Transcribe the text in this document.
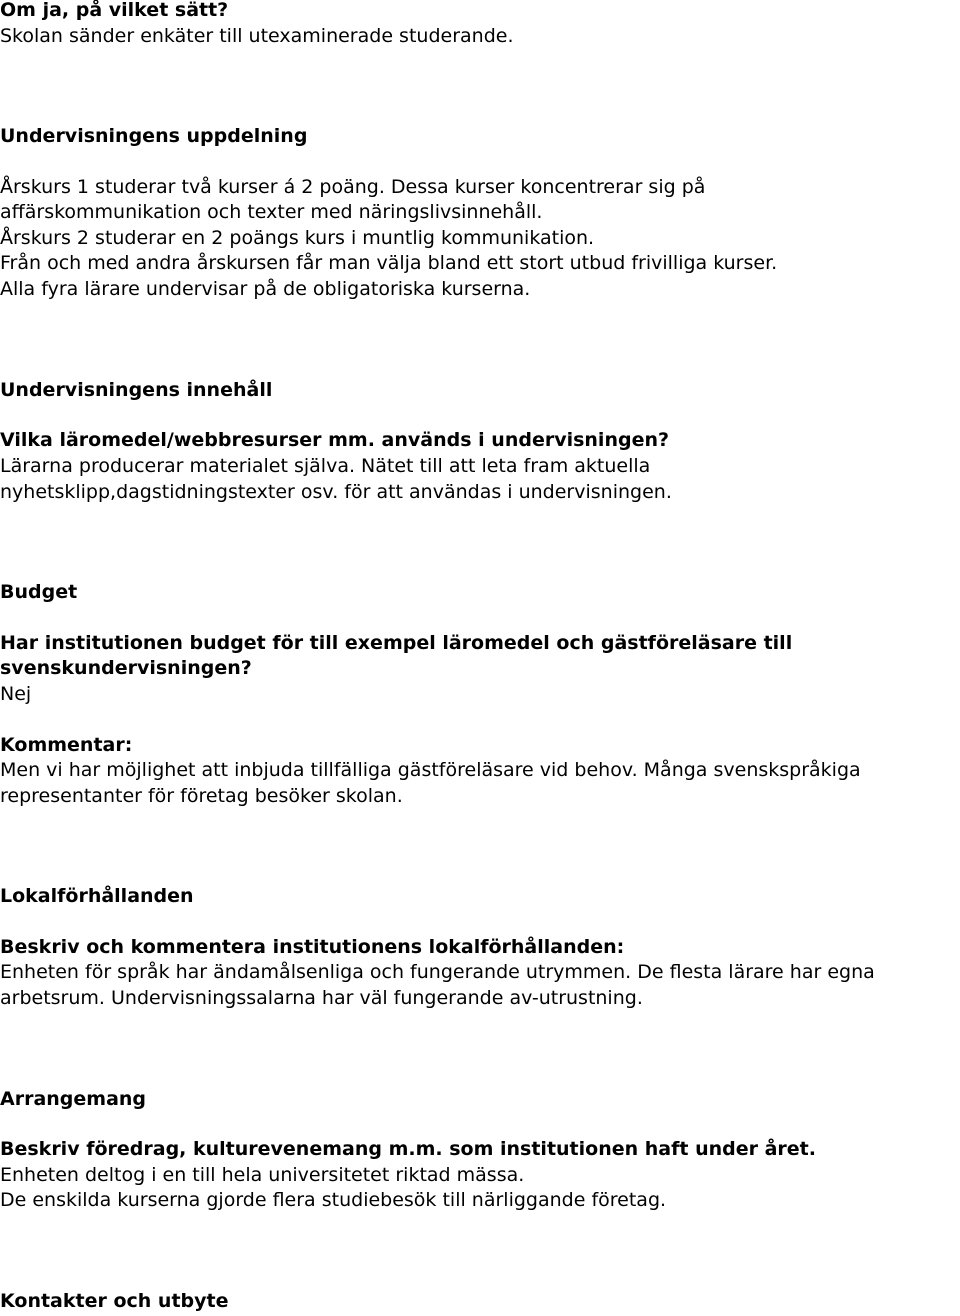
Om ja, på vilket sätt?
Skolan sänder enkäter till utexaminerade studerande.
Undervisningens uppdelning
Årskurs 1 studerar två kurser á 2 poäng. Dessa kurser koncentrerar sig på
affärskommunikation och texter med näringslivsinnehåll.
Årskurs 2 studerar en 2 poängs kurs i muntlig kommunikation.
Från och med andra årskursen får man välja bland ett stort utbud frivilliga kurser.
Alla fyra lärare undervisar på de obligatoriska kurserna.
Undervisningens innehåll
Vilka läromedel/webbresurser mm. används i undervisningen?
Lärarna producerar materialet själva. Nätet till att leta fram aktuella
nyhetsklipp,dagstidningstexter osv. för att användas i undervisningen.
Budget
Har institutionen budget för till exempel läromedel och gästföreläsare till
svenskundervisningen?
Nej
Kommentar:
Men vi har möjlighet att inbjuda tillfälliga gästföreläsare vid behov. Många svenskspråkiga
representanter för företag besöker skolan.
Lokalförhållanden
Beskriv och kommentera institutionens lokalförhållanden:
Enheten för språk har ändamålsenliga och fungerande utrymmen. De flesta lärare har egna
arbetsrum. Undervisningssalarna har väl fungerande av-utrustning.
Arrangemang
Beskriv föredrag, kulturevenemang m.m. som institutionen haft under året.
Enheten deltog i en till hela universitetet riktad mässa.
De enskilda kurserna gjorde flera studiebesök till närliggande företag.
Kontakter och utbyte
